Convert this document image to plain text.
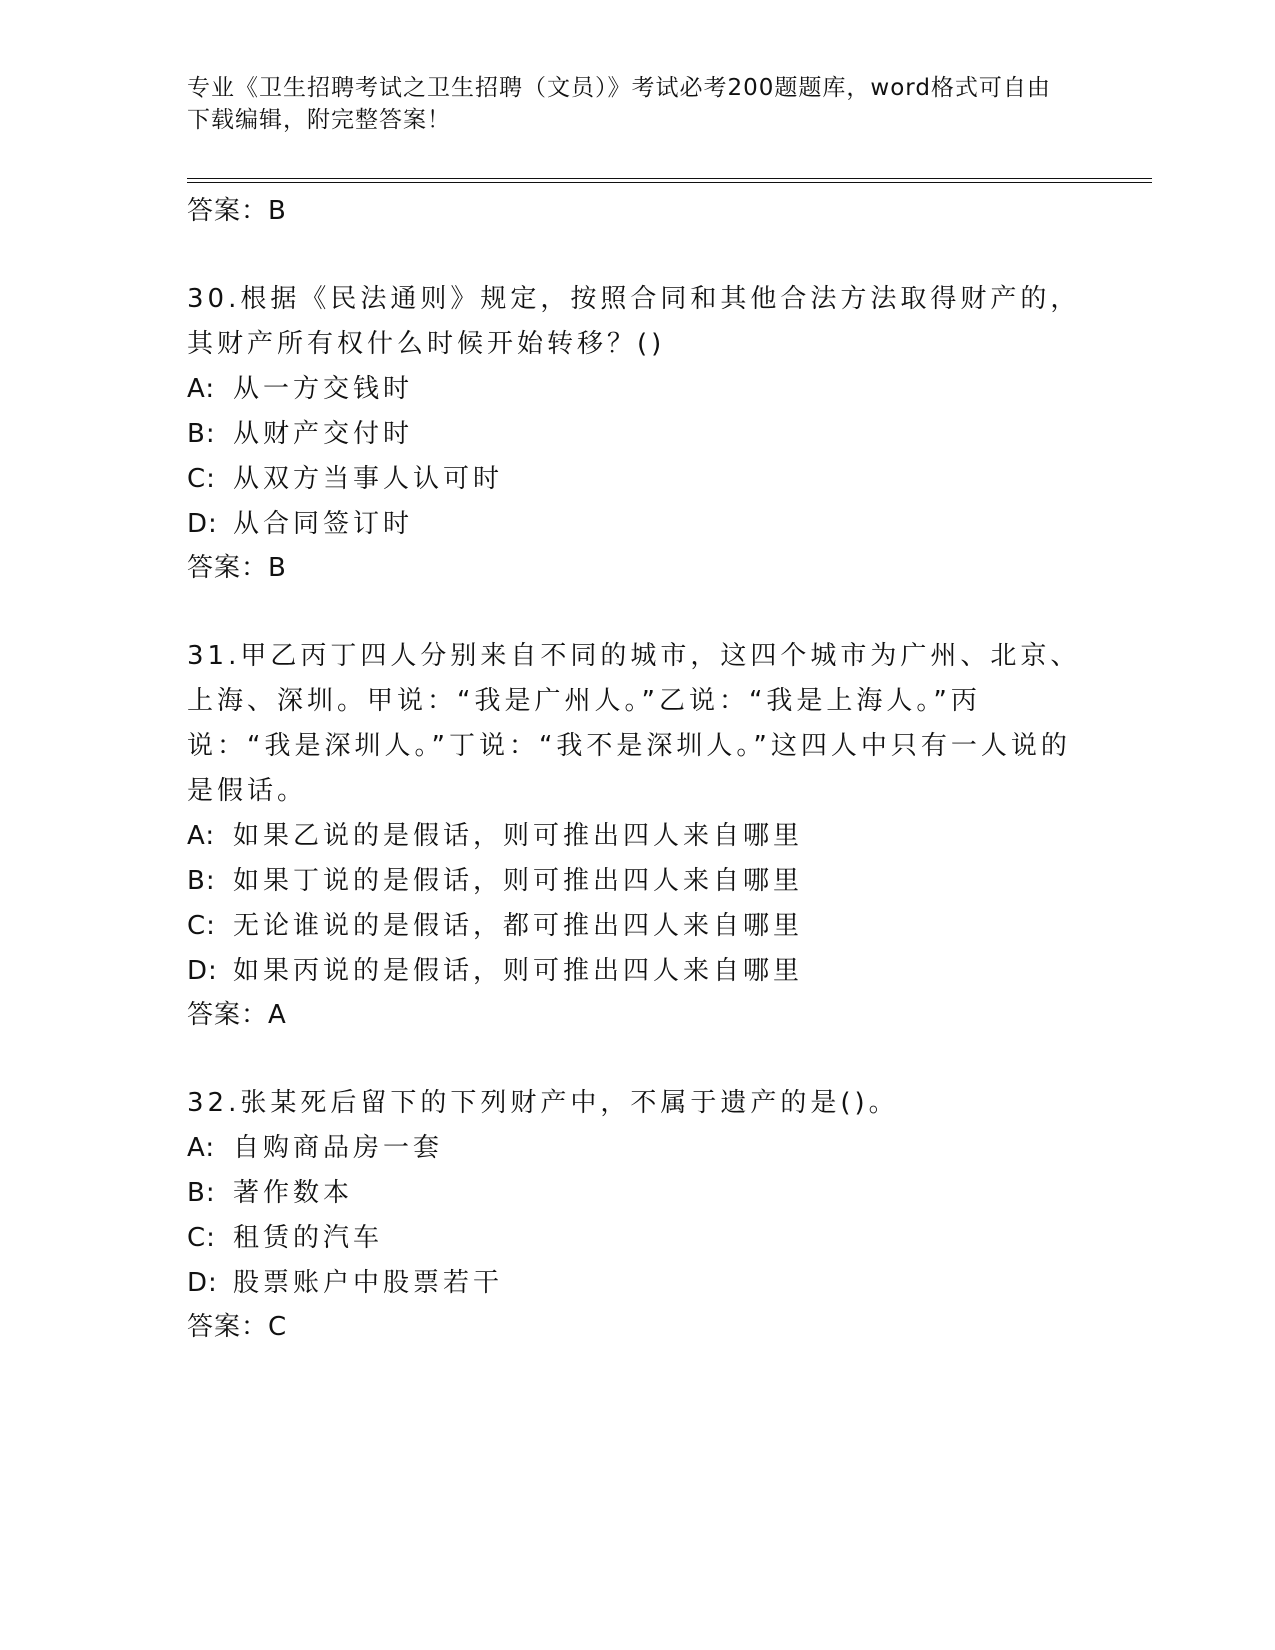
专业《卫生招聘考试之卫生招聘（文员）》考试必考200题题库，word格式可自由下载编辑，附完整答案！
答案：B

30.根据《民法通则》规定，按照合同和其他合法方法取得财产的，其财产所有权什么时候开始转移？()

A: 从一方交钱时
B: 从财产交付时
C: 从双方当事人认可时
D: 从合同签订时
答案：B

31.甲乙丙丁四人分别来自不同的城市，这四个城市为广州、北京、上海、深圳。甲说：“我是广州人。”乙说：“我是上海人。”丙说：“我是深圳人。”丁说：“我不是深圳人。”这四人中只有一人说的是假话。

A: 如果乙说的是假话，则可推出四人来自哪里
B: 如果丁说的是假话，则可推出四人来自哪里
C: 无论谁说的是假话，都可推出四人来自哪里
D: 如果丙说的是假话，则可推出四人来自哪里
答案：A

32.张某死后留下的下列财产中，不属于遗产的是()。

A: 自购商品房一套
B: 著作数本
C: 租赁的汽车
D: 股票账户中股票若干
答案：C
